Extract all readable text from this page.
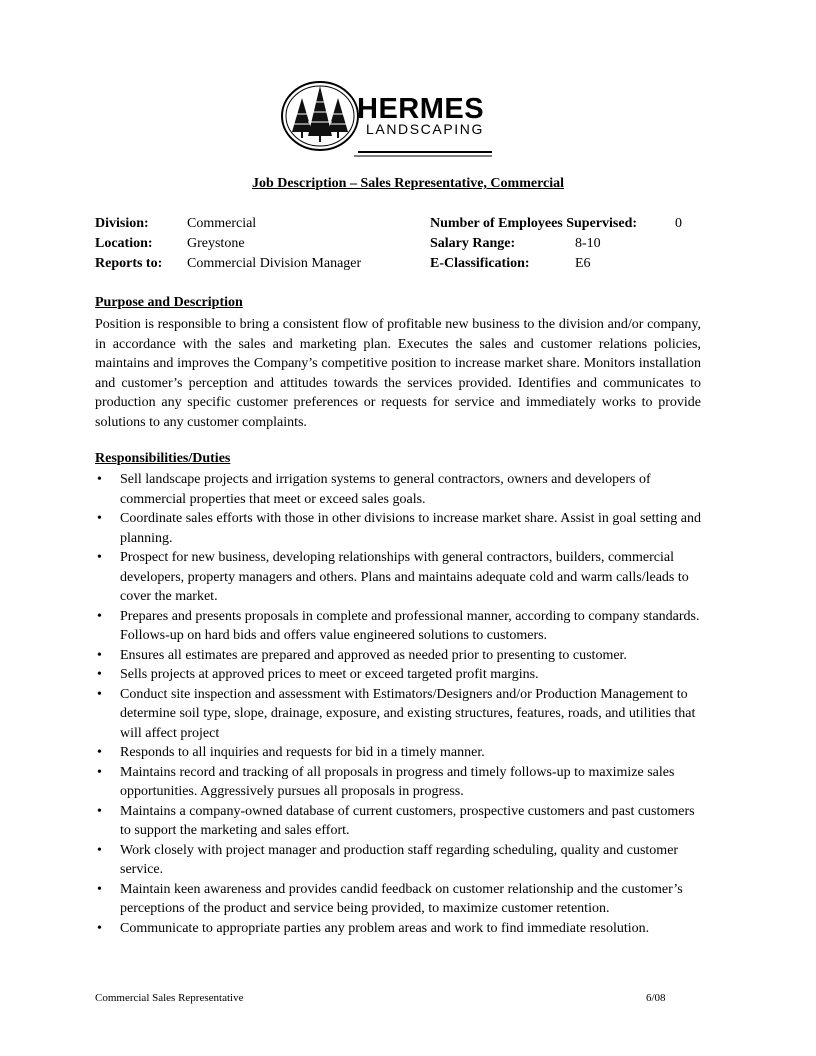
HERMES
LANDSCAPING
Job Description – Sales Representative, Commercial
Division:	Commercial
Location: Greystone
Reports to: Commercial Division Manager
Number of Employees Supervised:	0
Salary Range:	8-10
E-Classification:	E6
Purpose and Description
Position is responsible to bring a consistent flow of profitable new business to the division and/or company, in accordance with the sales and marketing plan. Executes the sales and customer relations policies, maintains and improves the Company’s competitive position to increase market share. Monitors installation and customer’s perception and attitudes towards the services provided. Identifies and communicates to production any specific customer preferences or requests for service and immediately works to provide solutions to any customer complaints.
Responsibilities/Duties
• Sell landscape projects and irrigation systems to general contractors, owners and developers of commercial properties that meet or exceed sales goals.
• Coordinate sales efforts with those in other divisions to increase market share. Assist in goal setting and planning.
• Prospect for new business, developing relationships with general contractors, builders, commercial developers, property managers and others. Plans and maintains adequate cold and warm calls/leads to cover the market.
• Prepares and presents proposals in complete and professional manner, according to company standards. Follows-up on hard bids and offers value engineered solutions to customers.
• Ensures all estimates are prepared and approved as needed prior to presenting to customer.
• Sells projects at approved prices to meet or exceed targeted profit margins.
• Conduct site inspection and assessment with Estimators/Designers and/or Production Management to determine soil type, slope, drainage, exposure, and existing structures, features, roads, and utilities that will affect project
• Responds to all inquiries and requests for bid in a timely manner.
• Maintains record and tracking of all proposals in progress and timely follows-up to maximize sales opportunities. Aggressively pursues all proposals in progress.
• Maintains a company-owned database of current customers, prospective customers and past customers to support the marketing and sales effort.
• Work closely with project manager and production staff regarding scheduling, quality and customer service.
• Maintain keen awareness and provides candid feedback on customer relationship and the customer’s perceptions of the product and service being provided, to maximize customer retention.
• Communicate to appropriate parties any problem areas and work to find immediate resolution.
Commercial Sales Representative	6/08
